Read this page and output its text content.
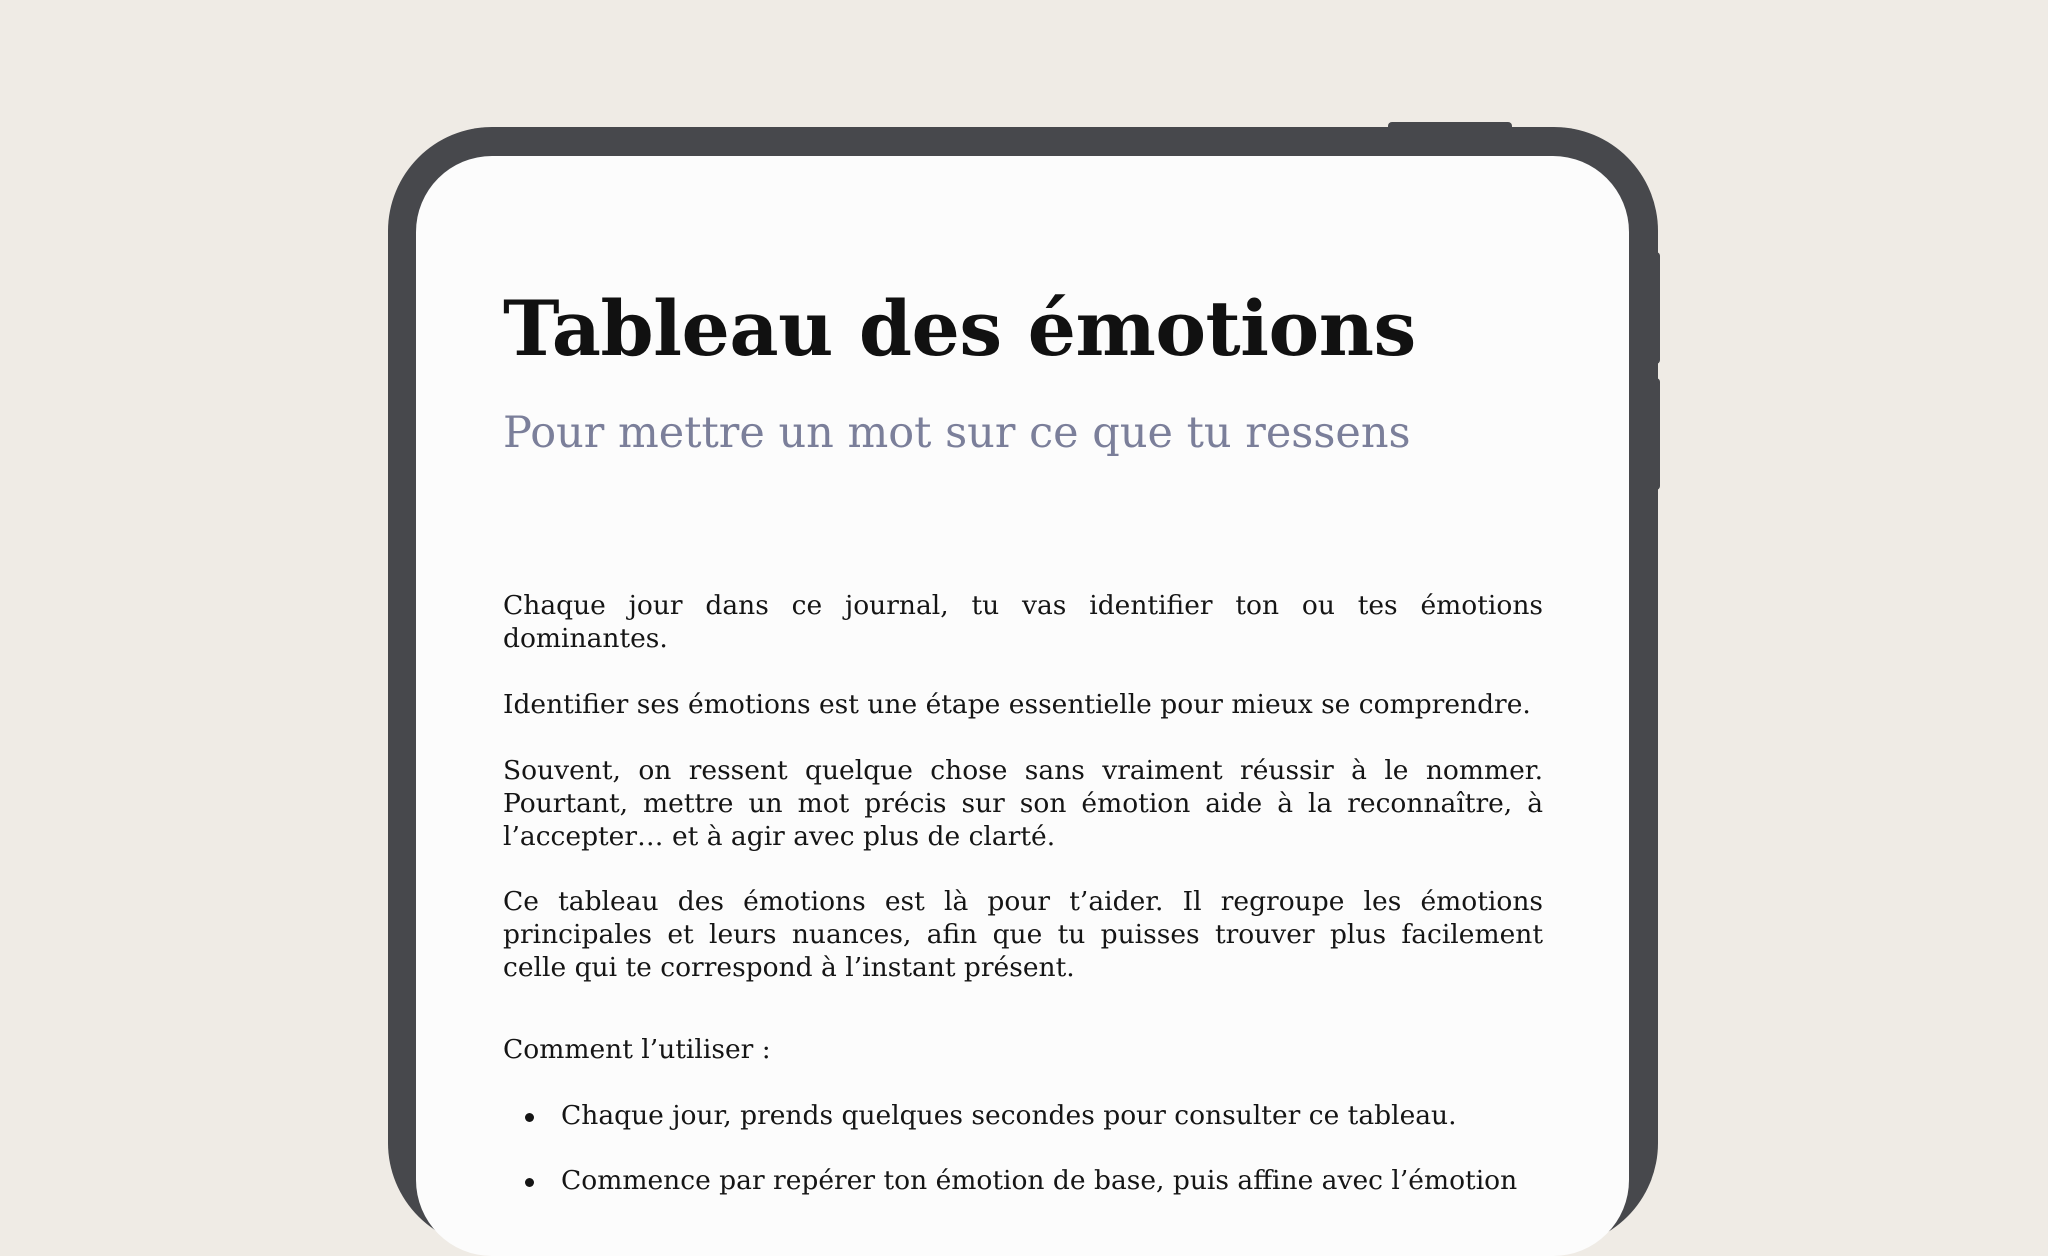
Tableau des émotions
Pour mettre un mot sur ce que tu ressens

Chaque jour dans ce journal, tu vas identifier ton ou tes émotions dominantes.

Identifier ses émotions est une étape essentielle pour mieux se comprendre.

Souvent, on ressent quelque chose sans vraiment réussir à le nommer. Pourtant, mettre un mot précis sur son émotion aide à la reconnaître, à l’accepter… et à agir avec plus de clarté.

Ce tableau des émotions est là pour t’aider. Il regroupe les émotions principales et leurs nuances, afin que tu puisses trouver plus facilement celle qui te correspond à l’instant présent.

Comment l’utiliser :

Chaque jour, prends quelques secondes pour consulter ce tableau.
Commence par repérer ton émotion de base, puis affine avec l’émotion
